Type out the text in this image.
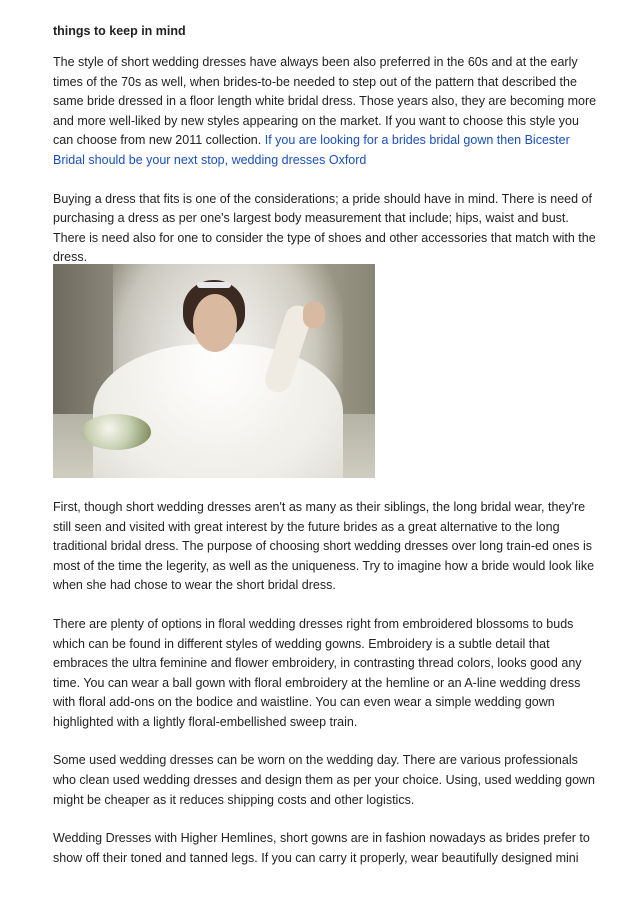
things to keep in mind

The style of short wedding dresses have always been also preferred in the 60s and at the early times of the 70s as well, when brides-to-be needed to step out of the pattern that described the same bride dressed in a floor length white bridal dress. Those years also, they are becoming more and more well-liked by new styles appearing on the market. If you want to choose this style you can choose from new 2011 collection. If you are looking for a brides bridal gown then Bicester Bridal should be your next stop, wedding dresses Oxford

Buying a dress that fits is one of the considerations; a pride should have in mind. There is need of purchasing a dress as per one's largest body measurement that include; hips, waist and bust. There is need also for one to consider the type of shoes and other accessories that match with the dress.

First, though short wedding dresses aren't as many as their siblings, the long bridal wear, they're still seen and visited with great interest by the future brides as a great alternative to the long traditional bridal dress. The purpose of choosing short wedding dresses over long train-ed ones is most of the time the legerity, as well as the uniqueness. Try to imagine how a bride would look like when she had chose to wear the short bridal dress.

There are plenty of options in floral wedding dresses right from embroidered blossoms to buds which can be found in different styles of wedding gowns. Embroidery is a subtle detail that embraces the ultra feminine and flower embroidery, in contrasting thread colors, looks good any time. You can wear a ball gown with floral embroidery at the hemline or an A-line wedding dress with floral add-ons on the bodice and waistline. You can even wear a simple wedding gown highlighted with a lightly floral-embellished sweep train.

Some used wedding dresses can be worn on the wedding day. There are various professionals who clean used wedding dresses and design them as per your choice. Using, used wedding gown might be cheaper as it reduces shipping costs and other logistics.

Wedding Dresses with Higher Hemlines, short gowns are in fashion nowadays as brides prefer to show off their toned and tanned legs. If you can carry it properly, wear beautifully designed mini
